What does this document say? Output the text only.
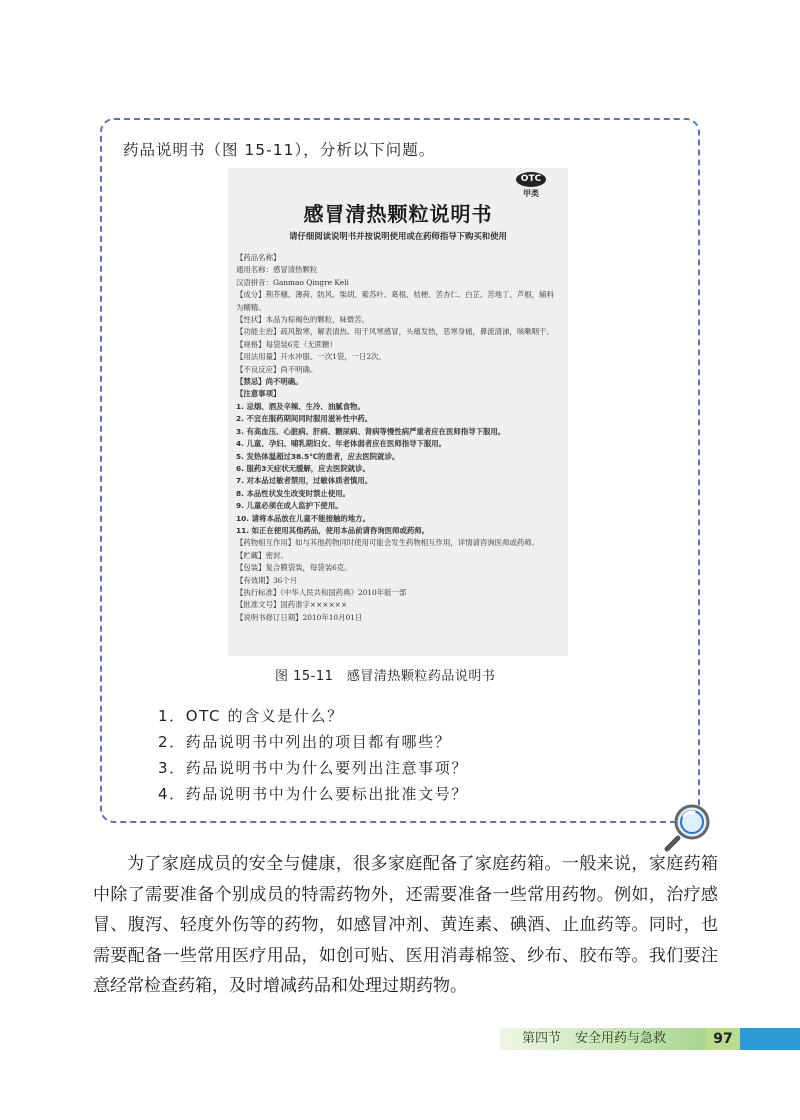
药品说明书（图 15-11），分析以下问题。
OTC
甲类
感冒清热颗粒说明书
请仔细阅读说明书并按说明使用或在药师指导下购买和使用
【药品名称】
通用名称：感冒清热颗粒
汉语拼音：Ganmao Qingre Keli
【成分】荆芥穗、薄荷、防风、柴胡、紫苏叶、葛根、桔梗、苦杏仁、白芷、苦地丁、芦根，辅料为糊精。
【性状】本品为棕褐色的颗粒，味微苦。
【功能主治】疏风散寒，解表清热。用于风寒感冒，头痛发热，恶寒身痛，鼻流清涕，咳嗽咽干。
【规格】每袋装6克（无蔗糖）
【用法用量】开水冲服。一次1袋，一日2次。
【不良反应】尚不明确。
【禁忌】尚不明确。
【注意事项】
1. 忌烟、酒及辛辣、生冷、油腻食物。
2. 不宜在服药期间同时服用滋补性中药。
3. 有高血压、心脏病、肝病、糖尿病、肾病等慢性病严重者应在医师指导下服用。
4. 儿童、孕妇、哺乳期妇女、年老体弱者应在医师指导下服用。
5. 发热体温超过38.5℃的患者，应去医院就诊。
6. 服药3天症状无缓解，应去医院就诊。
7. 对本品过敏者禁用，过敏体质者慎用。
8. 本品性状发生改变时禁止使用。
9. 儿童必须在成人监护下使用。
10. 请将本品放在儿童不能接触的地方。
11. 如正在使用其他药品，使用本品前请咨询医师或药师。
【药物相互作用】如与其他药物同时使用可能会发生药物相互作用，详情请咨询医师或药师。
【贮藏】密封。
【包装】复合膜袋装，每袋装6克。
【有效期】36个月
【执行标准】《中华人民共和国药典》2010年版一部
【批准文号】国药准字××××××
【说明书修订日期】2010年10月01日
图 15-11　感冒清热颗粒药品说明书
1．OTC 的含义是什么？
2．药品说明书中列出的项目都有哪些？
3．药品说明书中为什么要列出注意事项？
4．药品说明书中为什么要标出批准文号？

为了家庭成员的安全与健康，很多家庭配备了家庭药箱。一般来说，家庭药箱中除了需要准备个别成员的特需药物外，还需要准备一些常用药物。例如，治疗感冒、腹泻、轻度外伤等的药物，如感冒冲剂、黄连素、碘酒、止血药等。同时，也需要配备一些常用医疗用品，如创可贴、医用消毒棉签、纱布、胶布等。我们要注意经常检查药箱，及时增减药品和处理过期药物。

第四节 安全用药与急救	97
